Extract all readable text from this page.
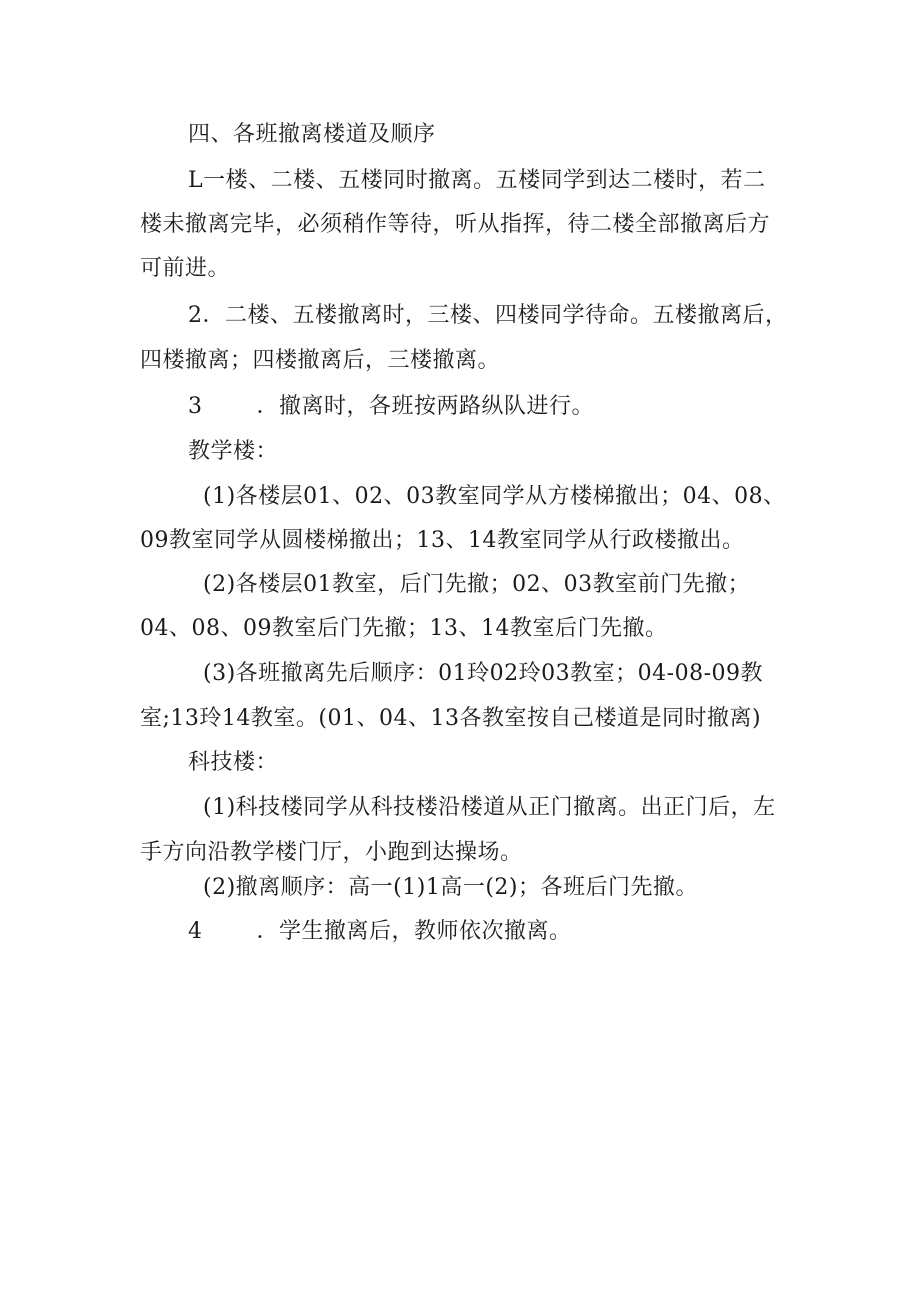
四、各班撤离楼道及顺序
L一楼、二楼、五楼同时撤离。五楼同学到达二楼时，若二
楼未撤离完毕，必须稍作等待，听从指挥，待二楼全部撤离后方
可前进。
2．二楼、五楼撤离时，三楼、四楼同学待命。五楼撤离后，
四楼撤离；四楼撤离后，三楼撤离。
3 ．撤离时，各班按两路纵队进行。
教学楼：
(1)各楼层01、02、03教室同学从方楼梯撤出；04、08、
09教室同学从圆楼梯撤出；13、14教室同学从行政楼撤出。
(2)各楼层01教室，后门先撤；02、03教室前门先撤；
04、08、09教室后门先撤；13、14教室后门先撤。
(3)各班撤离先后顺序：01玲02玲03教室；04-08-09教
室;13玲14教室。(01、04、13各教室按自己楼道是同时撤离)
科技楼：
(1)科技楼同学从科技楼沿楼道从正门撤离。出正门后，左
手方向沿教学楼门厅，小跑到达操场。
(2)撤离顺序：高一(1)1高一(2)；各班后门先撤。
4 ．学生撤离后，教师依次撤离。
